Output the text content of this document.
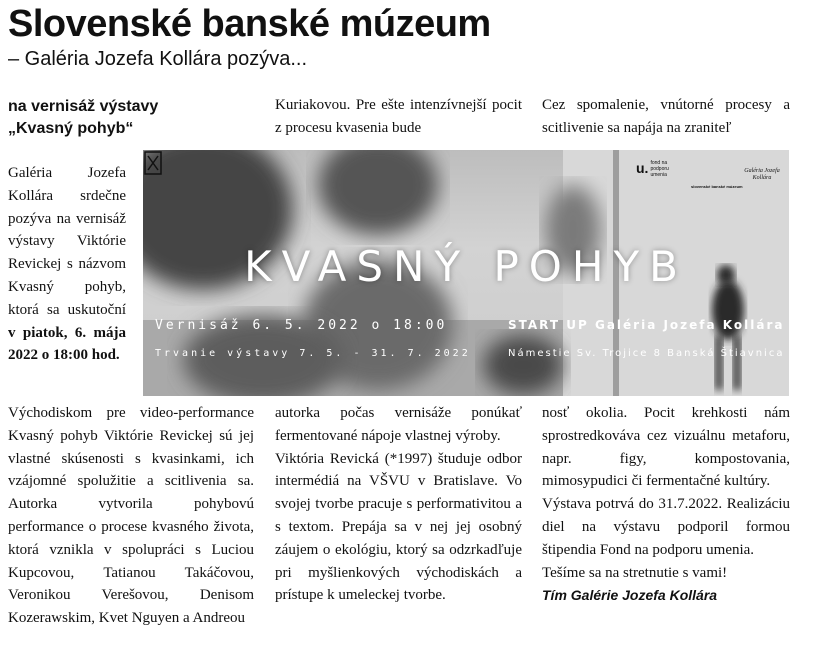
Slovenské banské múzeum
– Galéria Jozefa Kollára pozýva...
na vernisáž výstavy
„Kvasný pohyb“
Galéria Jozefa Kollára srdečne pozýva na vernisáž výstavy Viktórie Revickej s názvom Kvasný pohyb, ktorá sa uskutoční v piatok, 6. mája 2022 o 18:00 hod.
Východiskom pre video-performance Kvasný pohyb Viktórie Revickej sú jej vlastné skúsenosti s kvasinkami, ich vzájomné spolužitie a scitlivenia sa. Autorka vytvorila pohybovú performance o procese kvasného života, ktorá vznikla v spolupráci s Luciou Kupcovou, Tatianou Takáčovou, Veronikou Verešovou, Denisom Kozerawskim, Kvet Nguyen a Andreou
Kuriakovou. Pre ešte intenzívnejší pocit z procesu kvasenia bude

autorka počas vernisáže ponúkať fermentované nápoje vlastnej výroby.

Viktória Revická (*1997) študuje odbor intermédiá na VŠVU v Bratislave. Vo svojej tvorbe pracuje s performativitou a s textom. Prepája sa v nej jej osobný záujem o ekológiu, ktorý sa odzrkadľuje pri myšlienkových východiskách a prístupe k umeleckej tvorbe.

Cez spomalenie, vnútorné procesy a scitlivenie sa napája na zraniteľ

nosť okolia. Pocit krehkosti nám sprostredkováva cez vizuálnu metaforu, napr. figy, kompostovania, mimosypudici či fermentačné kultúry.

Výstava potrvá do 31.7.2022. Realizáciu diel na výstavu podporil formou štipendia Fond na podporu umenia.

Tešíme sa na stretnutie s vami!

Tím Galérie Jozefa Kollára

u. fond na podporu umenia
slovenské banské múzeum
Galéria Jozefa Kollára
KVASNÝ POHYB
Vernisáž 6. 5. 2022 o 18:00
Trvanie výstavy 7. 5. - 31. 7. 2022
START UP Galéria Jozefa Kollára
Námestie Sv. Trojice 8 Banská Štiavnica
